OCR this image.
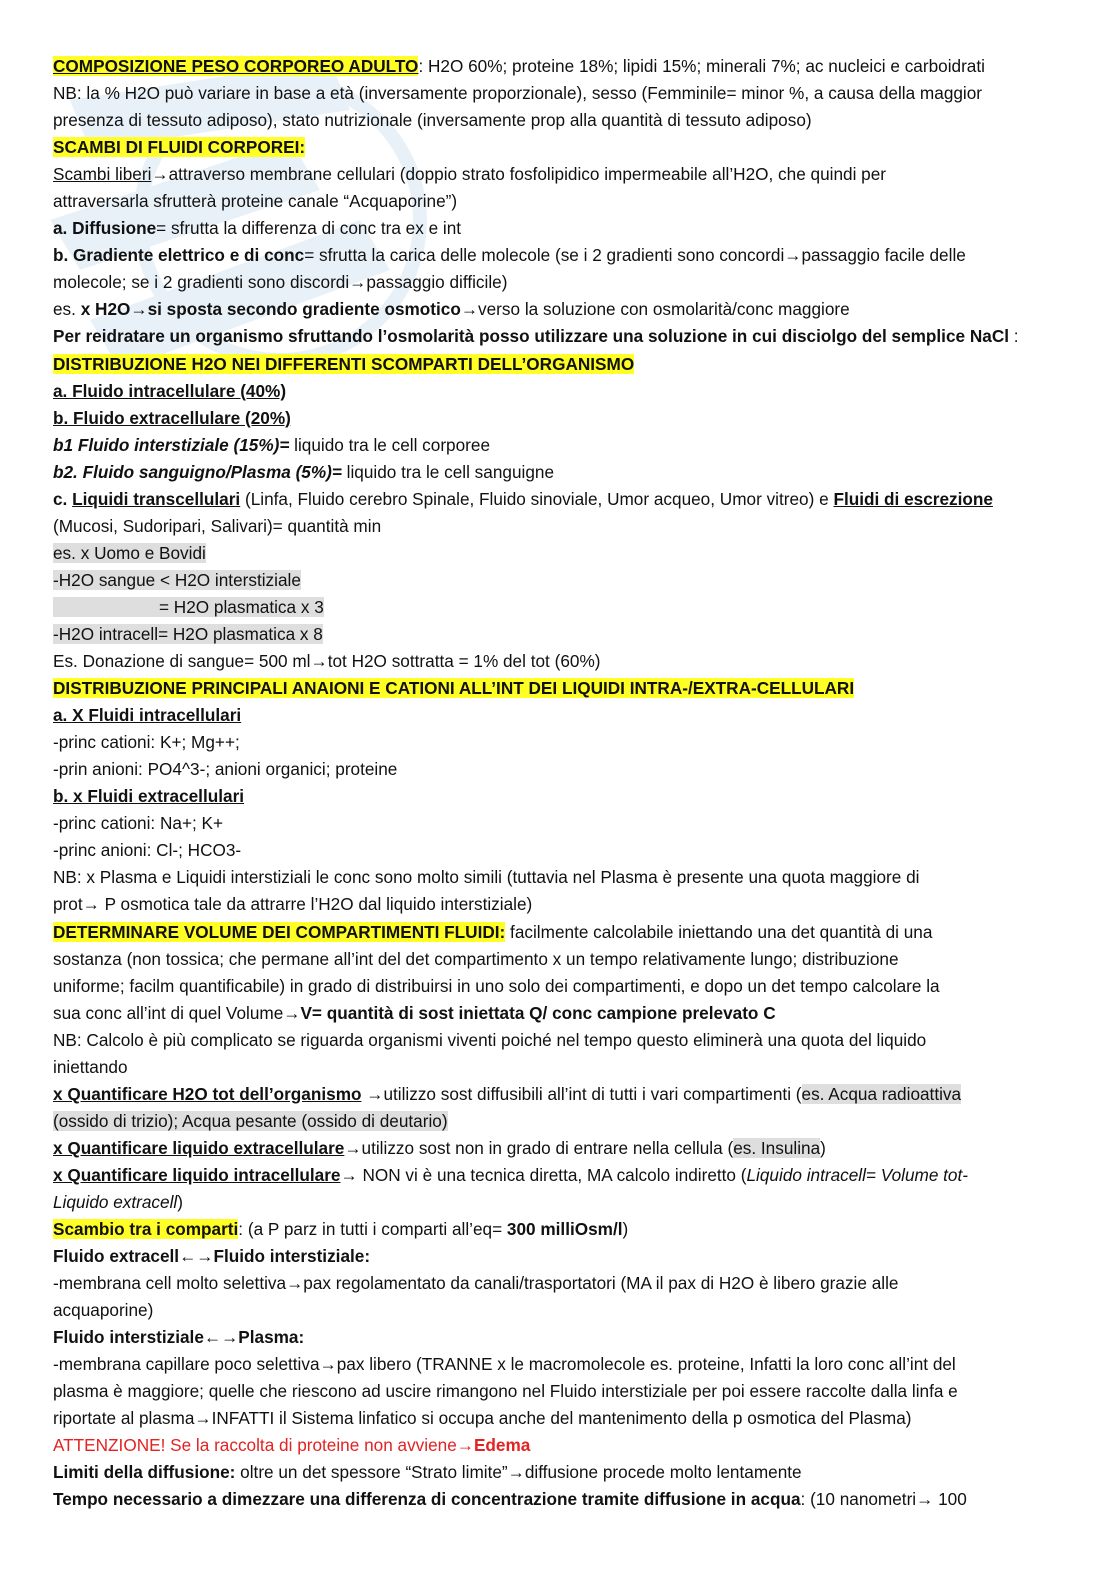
COMPOSIZIONE PESO CORPOREO ADULTO: H2O 60%; proteine 18%; lipidi 15%; minerali 7%; ac nucleici e carboidrati
NB: la % H2O può variare in base a età (inversamente proporzionale), sesso (Femminile= minor %, a causa della maggior
presenza di tessuto adiposo), stato nutrizionale (inversamente prop alla quantità di tessuto adiposo)
SCAMBI DI FLUIDI CORPOREI:
Scambi liberi→attraverso membrane cellulari (doppio strato fosfolipidico impermeabile all’H2O, che quindi per
attraversarla sfrutterà proteine canale “Acquaporine”)
a. Diffusione= sfrutta la differenza di conc tra ex e int
b. Gradiente elettrico e di conc= sfrutta la carica delle molecole (se i 2 gradienti sono concordi→passaggio facile delle
molecole; se i 2 gradienti sono discordi→passaggio difficile)
es. x H2O→si sposta secondo gradiente osmotico→verso la soluzione con osmolarità/conc maggiore
Per reidratare un organismo sfruttando l’osmolarità posso utilizzare una soluzione in cui disciolgo del semplice NaCl :
DISTRIBUZIONE H2O NEI DIFFERENTI SCOMPARTI DELL’ORGANISMO
a. Fluido intracellulare (40%)
b. Fluido extracellulare (20%)
b1 Fluido interstiziale (15%)= liquido tra le cell corporee
b2. Fluido sanguigno/Plasma (5%)= liquido tra le cell sanguigne
c. Liquidi transcellulari (Linfa, Fluido cerebro Spinale, Fluido sinoviale, Umor acqueo, Umor vitreo) e Fluidi di escrezione
(Mucosi, Sudoripari, Salivari)= quantità min
es. x Uomo e Bovidi
-H2O sangue < H2O interstiziale
= H2O plasmatica x 3
-H2O intracell= H2O plasmatica x 8
Es. Donazione di sangue= 500 ml→tot H2O sottratta = 1% del tot (60%)
DISTRIBUZIONE PRINCIPALI ANAIONI E CATIONI ALL’INT DEI LIQUIDI INTRA-/EXTRA-CELLULARI
a. X Fluidi intracellulari
-princ cationi: K+; Mg++;
-prin anioni: PO4^3-; anioni organici; proteine
b. x Fluidi extracellulari
-princ cationi: Na+; K+
-princ anioni: Cl-; HCO3-
NB: x Plasma e Liquidi interstiziali le conc sono molto simili (tuttavia nel Plasma è presente una quota maggiore di
prot→ P osmotica tale da attrarre l’H2O dal liquido interstiziale)
DETERMINARE VOLUME DEI COMPARTIMENTI FLUIDI: facilmente calcolabile iniettando una det quantità di una
sostanza (non tossica; che permane all’int del det compartimento x un tempo relativamente lungo; distribuzione
uniforme; facilm quantificabile) in grado di distribuirsi in uno solo dei compartimenti, e dopo un det tempo calcolare la
sua conc all’int di quel Volume→V= quantità di sost iniettata Q/ conc campione prelevato C
NB: Calcolo è più complicato se riguarda organismi viventi poiché nel tempo questo eliminerà una quota del liquido
iniettando
x Quantificare H2O tot dell’organismo →utilizzo sost diffusibili all’int di tutti i vari compartimenti (es. Acqua radioattiva
(ossido di trizio); Acqua pesante (ossido di deutario)
x Quantificare liquido extracellulare→utilizzo sost non in grado di entrare nella cellula (es. Insulina)
x Quantificare liquido intracellulare→ NON vi è una tecnica diretta, MA calcolo indiretto (Liquido intracell= Volume tot-
Liquido extracell)
Scambio tra i comparti: (a P parz in tutti i comparti all’eq= 300 milliOsm/l)
Fluido extracell←→Fluido interstiziale:
-membrana cell molto selettiva→pax regolamentato da canali/trasportatori (MA il pax di H2O è libero grazie alle
acquaporine)
Fluido interstiziale←→Plasma:
-membrana capillare poco selettiva→pax libero (TRANNE x le macromolecole es. proteine, Infatti la loro conc all’int del
plasma è maggiore; quelle che riescono ad uscire rimangono nel Fluido interstiziale per poi essere raccolte dalla linfa e
riportate al plasma→INFATTI il Sistema linfatico si occupa anche del mantenimento della p osmotica del Plasma)
ATTENZIONE! Se la raccolta di proteine non avviene→Edema
Limiti della diffusione: oltre un det spessore “Strato limite”→diffusione procede molto lentamente
Tempo necessario a dimezzare una differenza di concentrazione tramite diffusione in acqua: (10 nanometri→ 100
